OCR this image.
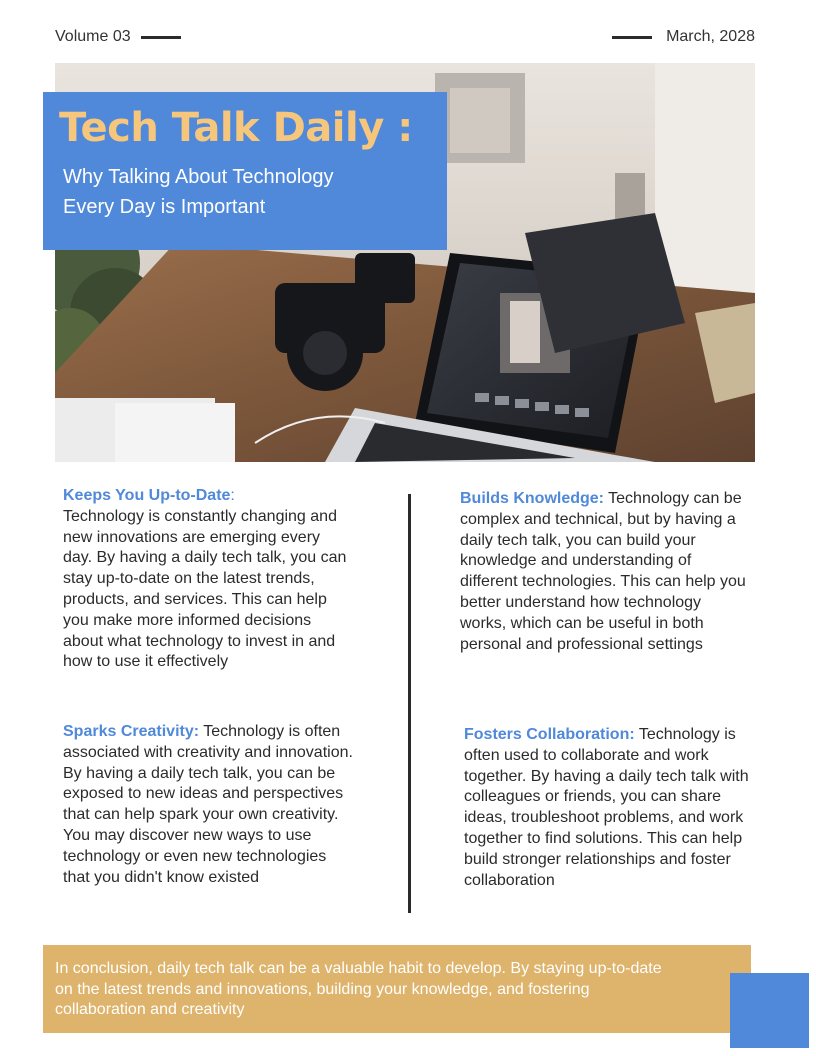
Volume 03	March, 2028
Tech Talk Daily :
Why Talking About Technology
Every Day is Important
Keeps You Up-to-Date:
Technology is constantly changing and new innovations are emerging every day. By having a daily tech talk, you can stay up-to-date on the latest trends, products, and services. This can help you make more informed decisions about what technology to invest in and how to use it effectively
Builds Knowledge: Technology can be complex and technical, but by having a daily tech talk, you can build your knowledge and understanding of different technologies. This can help you better understand how technology works, which can be useful in both personal and professional settings
Sparks Creativity: Technology is often associated with creativity and innovation. By having a daily tech talk, you can be exposed to new ideas and perspectives that can help spark your own creativity. You may discover new ways to use technology or even new technologies that you didn't know existed
Fosters Collaboration: Technology is often used to collaborate and work together. By having a daily tech talk with colleagues or friends, you can share ideas, troubleshoot problems, and work together to find solutions. This can help build stronger relationships and foster collaboration

In conclusion, daily tech talk can be a valuable habit to develop. By staying up-to-date on the latest trends and innovations, building your knowledge, and fostering collaboration and creativity
